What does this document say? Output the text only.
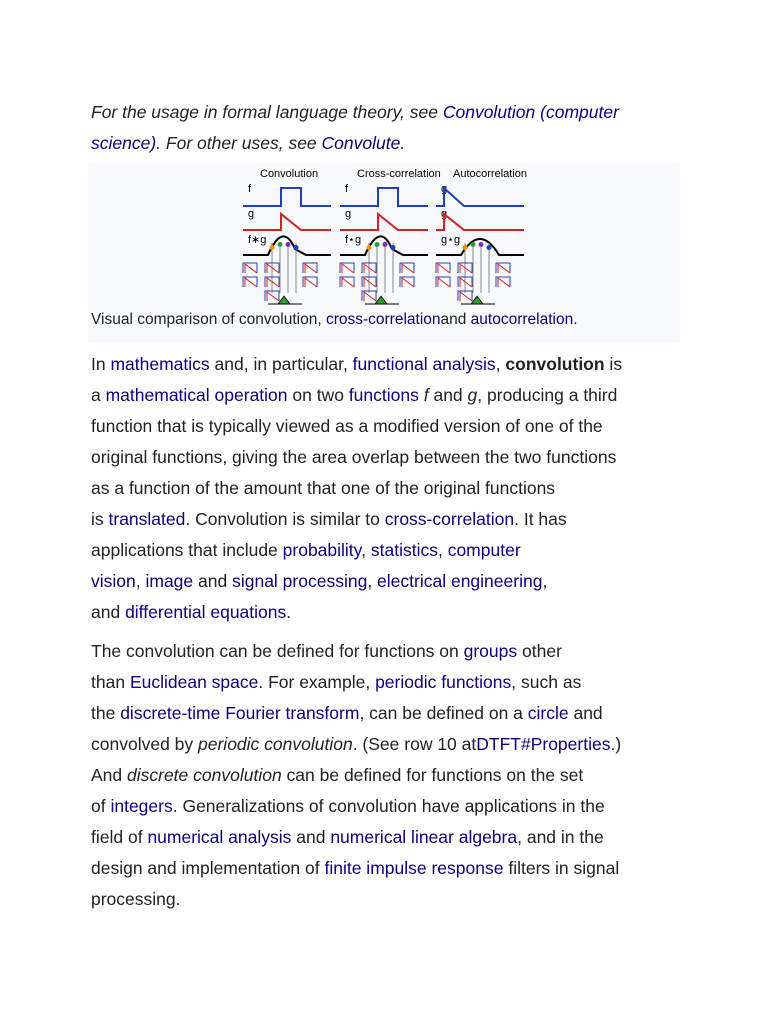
For the usage in formal language theory, see Convolution (computer
science). For other uses, see Convolute.
Convolution	Cross-correlation Autocorrelation
f
g
f∗g
f
g
f⋆g
g
g
g⋆g
Visual comparison of convolution, cross-correlationand autocorrelation.
In mathematics and, in particular, functional analysis, convolution is
a mathematical operation on two functions f and g, producing a third
function that is typically viewed as a modified version of one of the
original functions, giving the area overlap between the two functions
as a function of the amount that one of the original functions
is translated. Convolution is similar to cross-correlation. It has
applications that include probability, statistics, computer
vision, image and signal processing, electrical engineering,
and differential equations.
The convolution can be defined for functions on groups other
than Euclidean space. For example, periodic functions, such as
the discrete-time Fourier transform, can be defined on a circle and
convolved by periodic convolution. (See row 10 atDTFT#Properties.)
And discrete convolution can be defined for functions on the set
of integers. Generalizations of convolution have applications in the
field of numerical analysis and numerical linear algebra, and in the
design and implementation of finite impulse response filters in signal
processing.
